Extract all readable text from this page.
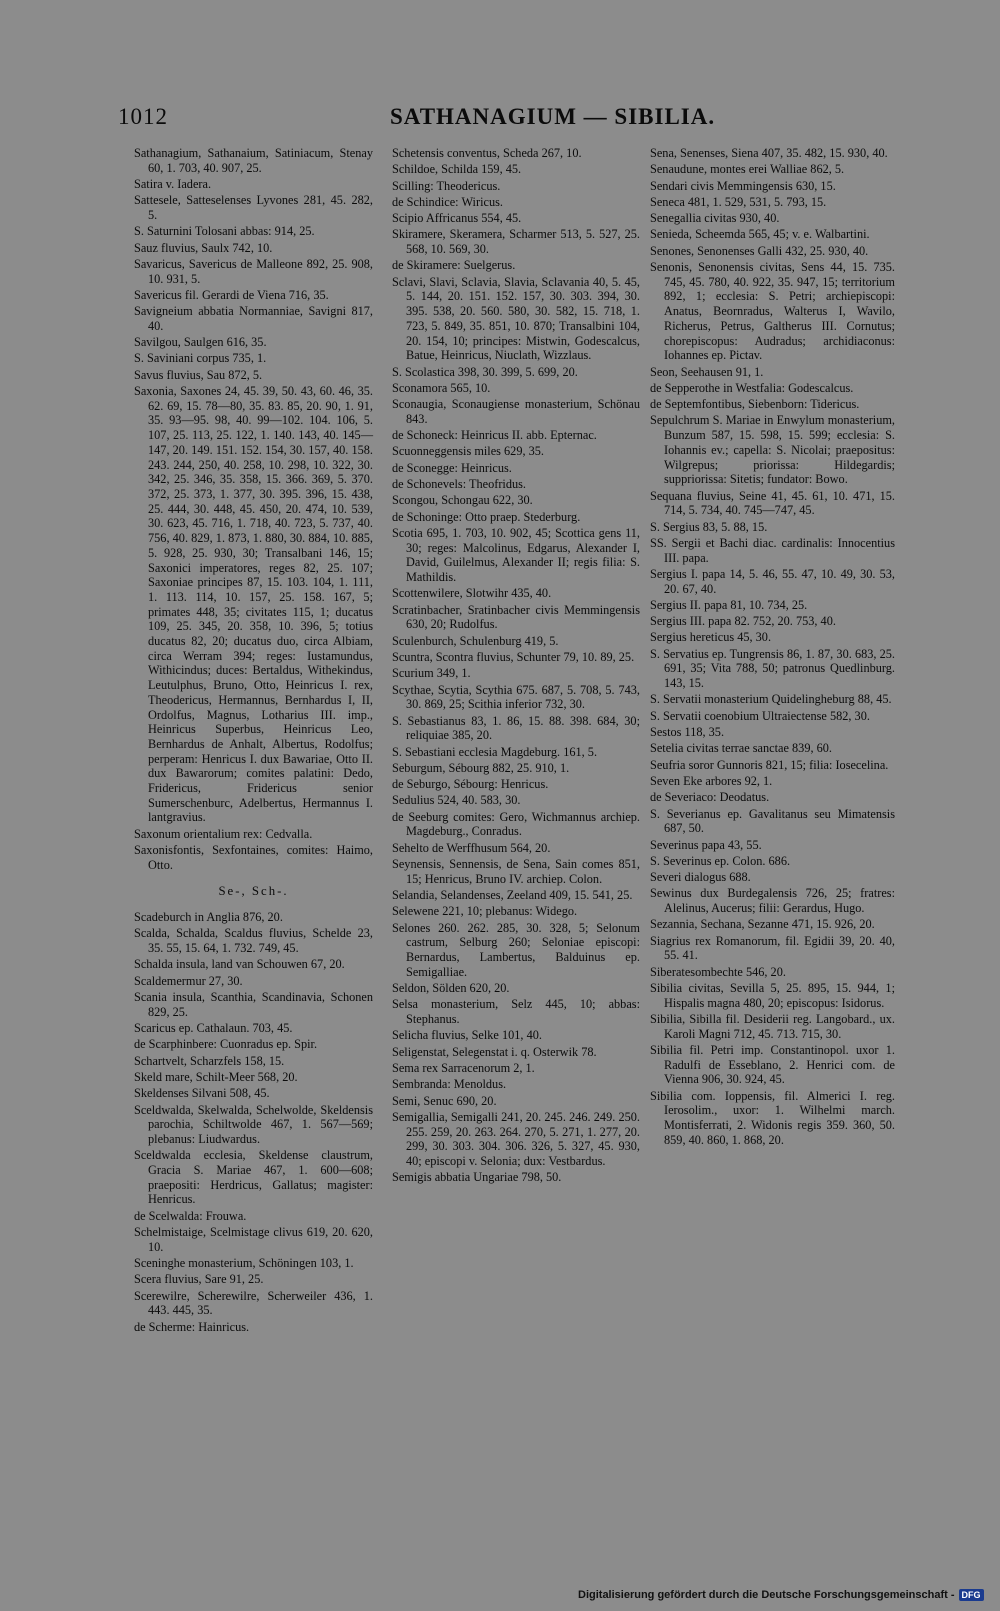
1012	SATHANAGIUM — SIBILIA.
Sathanagium, Sathanaium, Satiniacum, Stenay 60, 1. 703, 40. 907, 25.
Satira v. Iadera.
Sattesele, Satteselenses Lyvones 281, 45. 282, 5.
S. Saturnini Tolosani abbas: 914, 25.
Sauz fluvius, Saulx 742, 10.
Savaricus, Savericus de Malleone 892, 25. 908, 10. 931, 5.
Savericus fil. Gerardi de Viena 716, 35.
Savigneium abbatia Normanniae, Savigni 817, 40.
Savilgou, Saulgen 616, 35.
S. Saviniani corpus 735, 1.
Savus fluvius, Sau 872, 5.
Saxonia, Saxones 24, 45. 39, 50. 43, 60. 46, 35. 62. 69, 15. 78—80, 35. 83. 85, 20. 90, 1. 91, 35. 93—95. 98, 40. 99—102. 104. 106, 5. 107, 25. 113, 25. 122, 1. 140. 143, 40. 145—147, 20. 149. 151. 152. 154, 30. 157, 40. 158. 243. 244, 250, 40. 258, 10. 298, 10. 322, 30. 342, 25. 346, 35. 358, 15. 366. 369, 5. 370. 372, 25. 373, 1. 377, 30. 395. 396, 15. 438, 25. 444, 30. 448, 45. 450, 20. 474, 10. 539, 30. 623, 45. 716, 1. 718, 40. 723, 5. 737, 40. 756, 40. 829, 1. 873, 1. 880, 30. 884, 10. 885, 5. 928, 25. 930, 30; Transalbani 146, 15; Saxonici imperatores, reges 82, 25. 107; Saxoniae principes 87, 15. 103. 104, 1. 111, 1. 113. 114, 10. 157, 25. 158. 167, 5; primates 448, 35; civitates 115, 1; ducatus 109, 25. 345, 20. 358, 10. 396, 5; totius ducatus 82, 20; ducatus duo, circa Albiam, circa Werram 394; reges: Iustamundus, Withicindus; duces: Bertaldus, Withekindus, Leutulphus, Bruno, Otto, Heinricus I. rex, Theodericus, Hermannus, Bernhardus I, II, Ordolfus, Magnus, Lotharius III. imp., Heinricus Superbus, Heinricus Leo, Bernhardus de Anhalt, Albertus, Rodolfus; perperam: Henricus I. dux Bawariae, Otto II. dux Bawarorum; comites palatini: Dedo, Fridericus, Fridericus senior Sumerschenburc, Adelbertus, Hermannus I. lantgravius.
Saxonum orientalium rex: Cedvalla.
Saxonisfontis, Sexfontaines, comites: Haimo, Otto.
Se-, Sch-.
Scadeburch in Anglia 876, 20.
Scalda, Schalda, Scaldus fluvius, Schelde 23, 35. 55, 15. 64, 1. 732. 749, 45.
Schalda insula, land van Schouwen 67, 20.
Scaldemermur 27, 30.
Scania insula, Scanthia, Scandinavia, Schonen 829, 25.
Scaricus ep. Cathalaun. 703, 45.
de Scarphinbere: Cuonradus ep. Spir.
Schartvelt, Scharzfels 158, 15.
Skeld mare, Schilt-Meer 568, 20.
Skeldenses Silvani 508, 45.
Sceldwalda, Skelwalda, Schelwolde, Skeldensis parochia, Schiltwolde 467, 1. 567—569; plebanus: Liudwardus.
Sceldwalda ecclesia, Skeldense claustrum, Gracia S. Mariae 467, 1. 600—608; praepositi: Herdricus, Gallatus; magister: Henricus.
de Scelwalda: Frouwa.
Schelmistaige, Scelmistage clivus 619, 20. 620, 10.
Sceninghe monasterium, Schöningen 103, 1.
Scera fluvius, Sare 91, 25.
Scerewilre, Scherewilre, Scherweiler 436, 1. 443. 445, 35.
de Scherme: Hainricus.
Schetensis conventus, Scheda 267, 10.
Schildoe, Schilda 159, 45.
Scilling: Theodericus.
de Schindice: Wiricus.
Scipio Affricanus 554, 45.
Skiramere, Skeramera, Scharmer 513, 5. 527, 25. 568, 10. 569, 30.
de Skiramere: Suelgerus.
Sclavi, Slavi, Sclavia, Slavia, Sclavania 40, 5. 45, 5. 144, 20. 151. 152. 157, 30. 303. 394, 30. 395. 538, 20. 560. 580, 30. 582, 15. 718, 1. 723, 5. 849, 35. 851, 10. 870; Transalbini 104, 20. 154, 10; principes: Mistwin, Godescalcus, Batue, Heinricus, Niuclath, Wizzlaus.
S. Scolastica 398, 30. 399, 5. 699, 20.
Sconamora 565, 10.
Sconaugia, Sconaugiense monasterium, Schönau 843.
de Schoneck: Heinricus II. abb. Epternac.
Scuonneggensis miles 629, 35.
de Sconegge: Heinricus.
de Schonevels: Theofridus.
Scongou, Schongau 622, 30.
de Schoninge: Otto praep. Stederburg.
Scotia 695, 1. 703, 10. 902, 45; Scottica gens 11, 30; reges: Malcolinus, Edgarus, Alexander I, David, Guilelmus, Alexander II; regis filia: S. Mathildis.
Scottenwilere, Slotwihr 435, 40.
Scratinbacher, Sratinbacher civis Memmingensis 630, 20; Rudolfus.
Sculenburch, Schulenburg 419, 5.
Scuntra, Scontra fluvius, Schunter 79, 10. 89, 25.
Scurium 349, 1.
Scythae, Scytia, Scythia 675. 687, 5. 708, 5. 743, 30. 869, 25; Scithia inferior 732, 30.
S. Sebastianus 83, 1. 86, 15. 88. 398. 684, 30; reliquiae 385, 20.
S. Sebastiani ecclesia Magdeburg. 161, 5.
Seburgum, Sébourg 882, 25. 910, 1.
de Seburgo, Sébourg: Henricus.
Sedulius 524, 40. 583, 30.
de Seeburg comites: Gero, Wichmannus archiep. Magdeburg., Conradus.
Sehelto de Werffhusum 564, 20.
Seynensis, Sennensis, de Sena, Sain comes 851, 15; Henricus, Bruno IV. archiep. Colon.
Selandia, Selandenses, Zeeland 409, 15. 541, 25.
Selewene 221, 10; plebanus: Widego.
Selones 260. 262. 285, 30. 328, 5; Selonum castrum, Selburg 260; Seloniae episcopi: Bernardus, Lambertus, Balduinus ep. Semigalliae.
Seldon, Sölden 620, 20.
Selsa monasterium, Selz 445, 10; abbas: Stephanus.
Selicha fluvius, Selke 101, 40.
Seligenstat, Selegenstat i. q. Osterwik 78.
Sema rex Sarracenorum 2, 1.
Sembranda: Menoldus.
Semi, Senuc 690, 20.
Semigallia, Semigalli 241, 20. 245. 246. 249. 250. 255. 259, 20. 263. 264. 270, 5. 271, 1. 277, 20. 299, 30. 303. 304. 306. 326, 5. 327, 45. 930, 40; episcopi v. Selonia; dux: Vestbardus.
Semigis abbatia Ungariae 798, 50.
Sena, Senenses, Siena 407, 35. 482, 15. 930, 40.
Senaudune, montes erei Walliae 862, 5.
Sendari civis Memmingensis 630, 15.
Seneca 481, 1. 529, 531, 5. 793, 15.
Senegallia civitas 930, 40.
Senieda, Scheemda 565, 45; v. e. Walbartini.
Senones, Senonenses Galli 432, 25. 930, 40.
Senonis, Senonensis civitas, Sens 44, 15. 735. 745, 45. 780, 40. 922, 35. 947, 15; territorium 892, 1; ecclesia: S. Petri; archiepiscopi: Anatus, Beornradus, Walterus I, Wavilo, Richerus, Petrus, Galtherus III. Cornutus; chorepiscopus: Audradus; archidiaconus: Iohannes ep. Pictav.
Seon, Seehausen 91, 1.
de Sepperothe in Westfalia: Godescalcus.
de Septemfontibus, Siebenborn: Tidericus.
Sepulchrum S. Mariae in Enwylum monasterium, Bunzum 587, 15. 598, 15. 599; ecclesia: S. Iohannis ev.; capella: S. Nicolai; praepositus: Wilgrepus; priorissa: Hildegardis; suppriorissa: Sitetis; fundator: Bowo.
Sequana fluvius, Seine 41, 45. 61, 10. 471, 15. 714, 5. 734, 40. 745—747, 45.
S. Sergius 83, 5. 88, 15.
SS. Sergii et Bachi diac. cardinalis: Innocentius III. papa.
Sergius I. papa 14, 5. 46, 55. 47, 10. 49, 30. 53, 20. 67, 40.
Sergius II. papa 81, 10. 734, 25.
Sergius III. papa 82. 752, 20. 753, 40.
Sergius hereticus 45, 30.
S. Servatius ep. Tungrensis 86, 1. 87, 30. 683, 25. 691, 35; Vita 788, 50; patronus Quedlinburg. 143, 15.
S. Servatii monasterium Quidelingheburg 88, 45.
S. Servatii coenobium Ultraiectense 582, 30.
Sestos 118, 35.
Setelia civitas terrae sanctae 839, 60.
Seufria soror Gunnoris 821, 15; filia: Iosecelina.
Seven Eke arbores 92, 1.
de Severiaco: Deodatus.
S. Severianus ep. Gavalitanus seu Mimatensis 687, 50.
Severinus papa 43, 55.
S. Severinus ep. Colon. 686.
Severi dialogus 688.
Sewinus dux Burdegalensis 726, 25; fratres: Alelinus, Aucerus; filii: Gerardus, Hugo.
Sezannia, Sechana, Sezanne 471, 15. 926, 20.
Siagrius rex Romanorum, fil. Egidii 39, 20. 40, 55. 41.
Siberatesombechte 546, 20.
Sibilia civitas, Sevilla 5, 25. 895, 15. 944, 1; Hispalis magna 480, 20; episcopus: Isidorus.
Sibilia, Sibilla fil. Desiderii reg. Langobard., ux. Karoli Magni 712, 45. 713. 715, 30.
Sibilia fil. Petri imp. Constantinopol. uxor 1. Radulfi de Esseblano, 2. Henrici com. de Vienna 906, 30. 924, 45.
Sibilia com. Ioppensis, fil. Almerici I. reg. Ierosolim., uxor: 1. Wilhelmi march. Montisferrati, 2. Widonis regis 359. 360, 50. 859, 40. 860, 1. 868, 20.
Digitalisierung gefördert durch die Deutsche Forschungsgemeinschaft - DFG
